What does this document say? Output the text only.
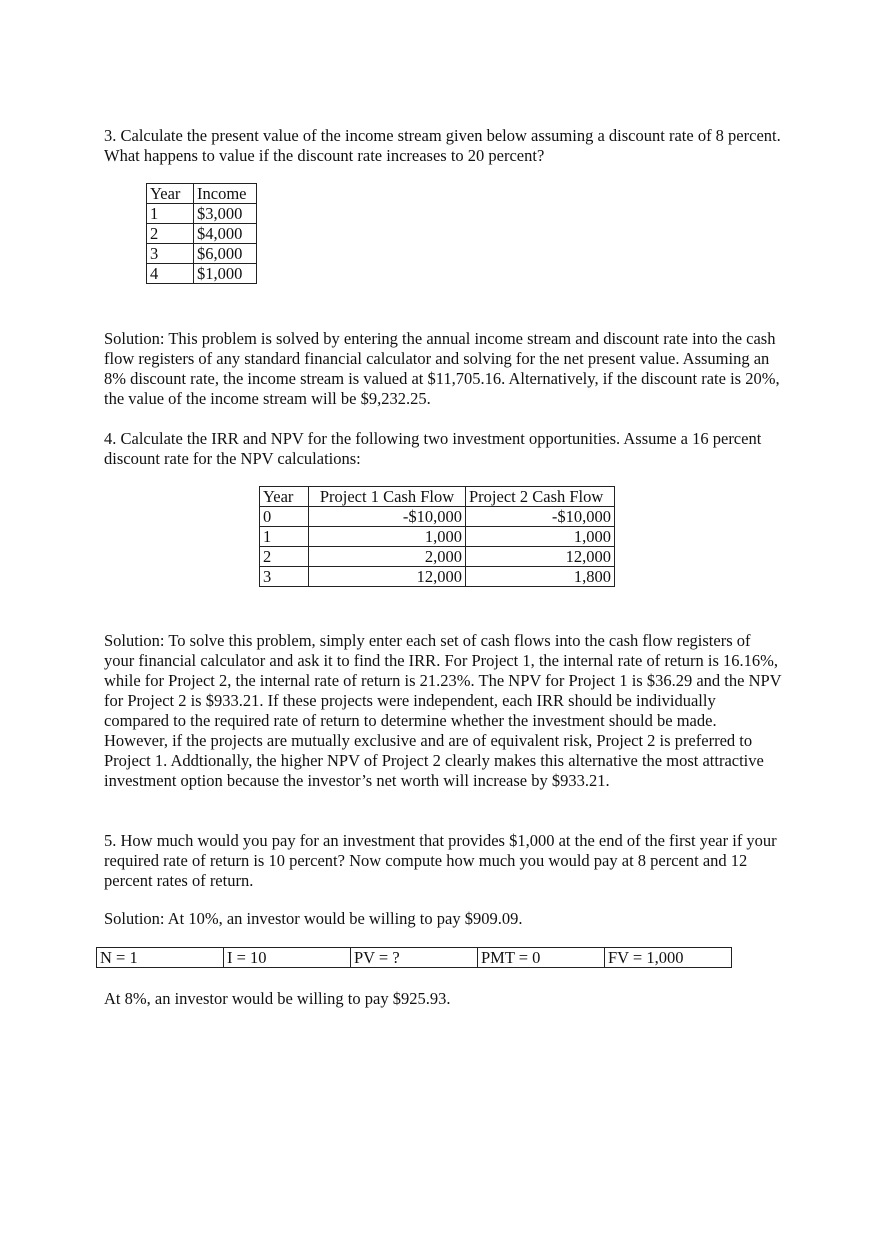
3. Calculate the present value of the income stream given below assuming a discount rate of 8 percent. What happens to value if the discount rate increases to 20 percent?

Year	Income
1	$3,000
2	$4,000
3	$6,000
4	$1,000

Solution: This problem is solved by entering the annual income stream and discount rate into the cash flow registers of any standard financial calculator and solving for the net present value. Assuming an 8% discount rate, the income stream is valued at $11,705.16. Alternatively, if the discount rate is 20%, the value of the income stream will be $9,232.25.

4. Calculate the IRR and NPV for the following two investment opportunities. Assume a 16 percent discount rate for the NPV calculations:

Year	Project 1 Cash Flow	Project 2 Cash Flow
0	-$10,000	-$10,000
1	1,000	1,000
2	2,000	12,000
3	12,000	1,800

Solution: To solve this problem, simply enter each set of cash flows into the cash flow registers of your financial calculator and ask it to find the IRR. For Project 1, the internal rate of return is 16.16%, while for Project 2, the internal rate of return is 21.23%. The NPV for Project 1 is $36.29 and the NPV for Project 2 is $933.21. If these projects were independent, each IRR should be individually compared to the required rate of return to determine whether the investment should be made. However, if the projects are mutually exclusive and are of equivalent risk, Project 2 is preferred to Project 1. Addtionally, the higher NPV of Project 2 clearly makes this alternative the most attractive investment option because the investor’s net worth will increase by $933.21.

5. How much would you pay for an investment that provides $1,000 at the end of the first year if your required rate of return is 10 percent? Now compute how much you would pay at 8 percent and 12 percent rates of return.

Solution: At 10%, an investor would be willing to pay $909.09.

N = 1	I = 10	PV = ?	PMT = 0	FV = 1,000

At 8%, an investor would be willing to pay $925.93.
